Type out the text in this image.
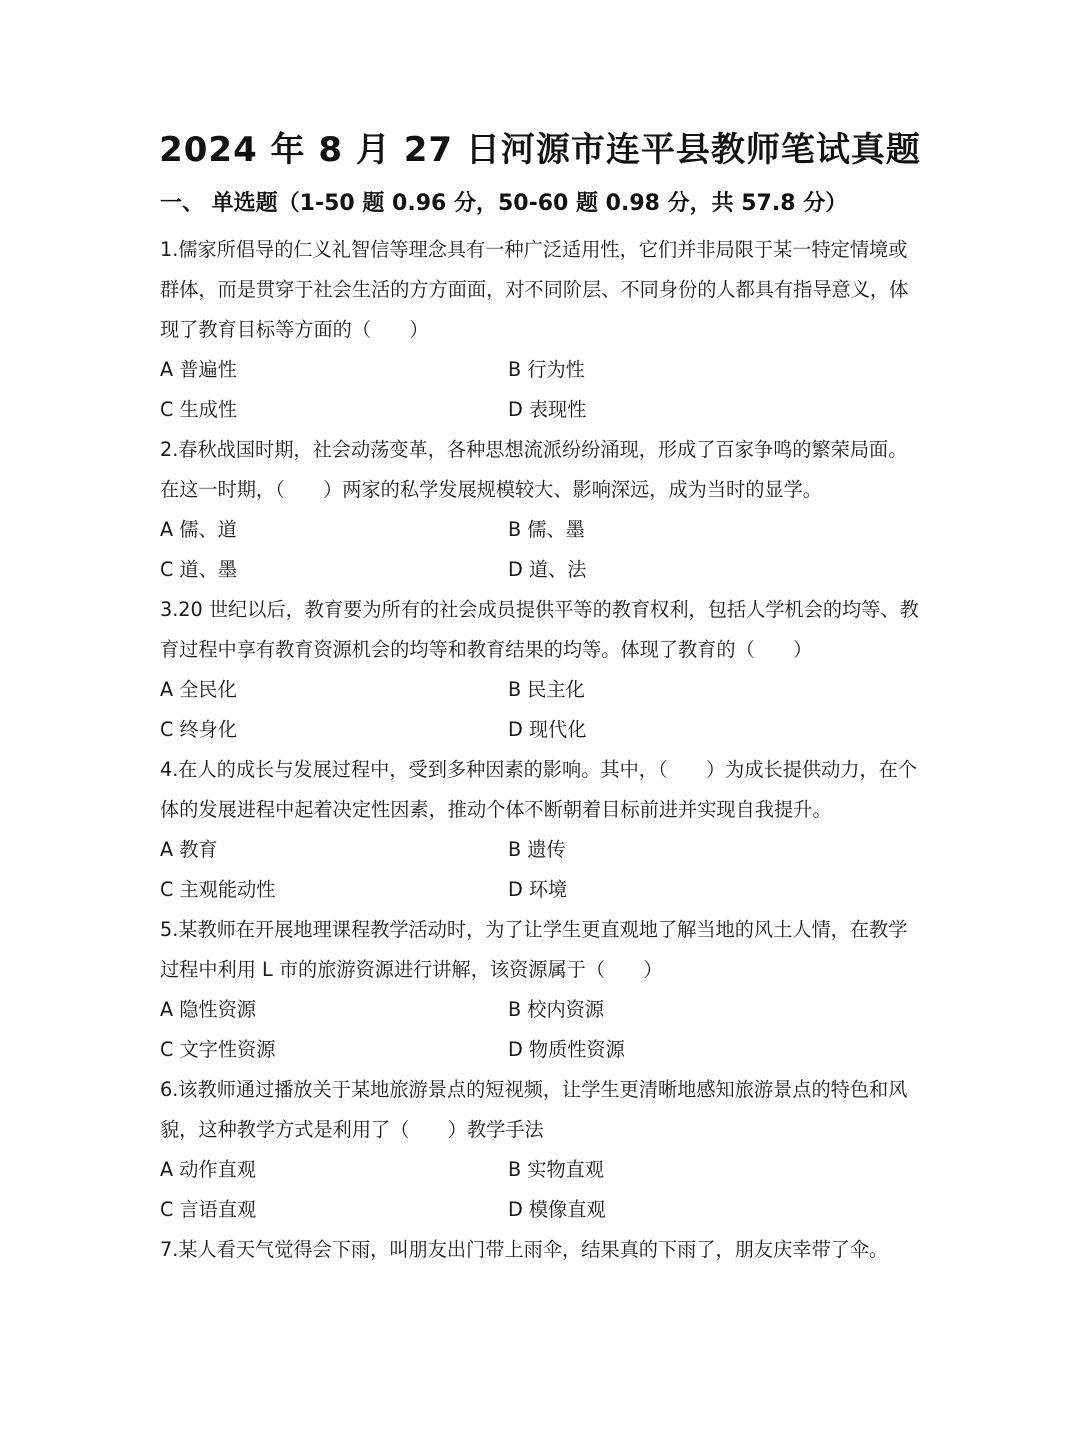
2024 年 8 月 27 日河源市连平县教师笔试真题
一、 单选题（1-50 题 0.96 分，50-60 题 0.98 分，共 57.8 分）

1.儒家所倡导的仁义礼智信等理念具有一种广泛适用性，它们并非局限于某一特定情境或群体，而是贯穿于社会生活的方方面面，对不同阶层、不同身份的人都具有指导意义，体现了教育目标等方面的（　　）

A 普遍性	B 行为性
C 生成性	D 表现性

2.春秋战国时期，社会动荡变革，各种思想流派纷纷涌现，形成了百家争鸣的繁荣局面。在这一时期，（　　）两家的私学发展规模较大、影响深远，成为当时的显学。

A 儒、道	B 儒、墨
C 道、墨	D 道、法

3.20 世纪以后，教育要为所有的社会成员提供平等的教育权利，包括人学机会的均等、教 育过程中享有教育资源机会的均等和教育结果的均等。体现了教育的（　　）

A 全民化	B 民主化
C 终身化	D 现代化

4.在人的成长与发展过程中，受到多种因素的影响。其中，（　　）为成长提供动力，在个体的发展进程中起着决定性因素，推动个体不断朝着目标前进并实现自我提升。

A 教育	B 遗传
C 主观能动性	D 环境

5.某教师在开展地理课程教学活动时，为了让学生更直观地了解当地的风土人情，在教学过程中利用 L 市的旅游资源进行讲解，该资源属于（　　）

A 隐性资源	B 校内资源
C 文字性资源	D 物质性资源

6.该教师通过播放关于某地旅游景点的短视频，让学生更清晰地感知旅游景点的特色和风貌，这种教学方式是利用了（　　）教学手法

A 动作直观	B 实物直观
C 言语直观	D 模像直观

7.某人看天气觉得会下雨，叫朋友出门带上雨伞，结果真的下雨了，朋友庆幸带了伞。
